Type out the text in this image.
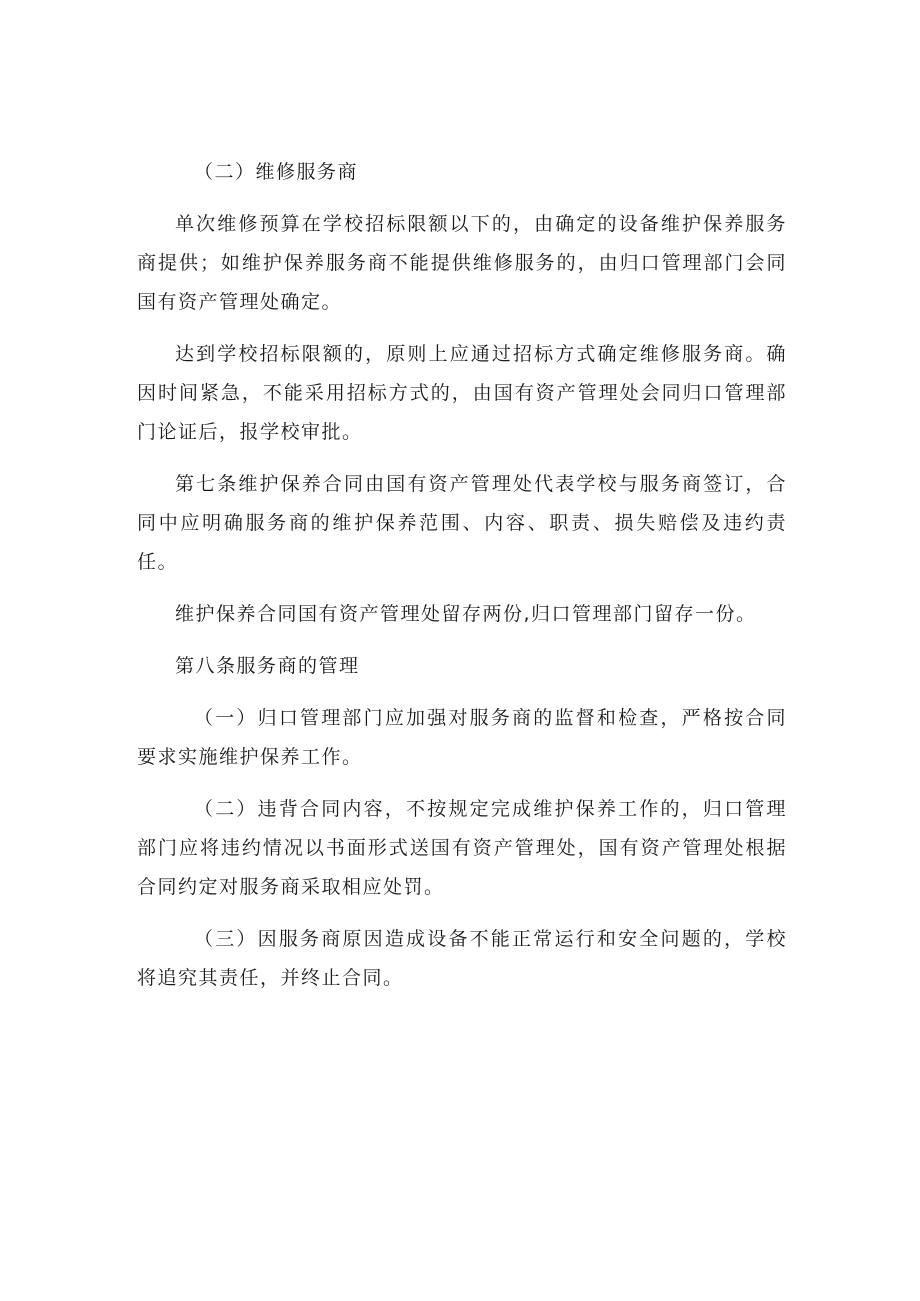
（二）维修服务商

单次维修预算在学校招标限额以下的，由确定的设备维护保养服务商提供；如维护保养服务商不能提供维修服务的，由归口管理部门会同国有资产管理处确定。

达到学校招标限额的，原则上应通过招标方式确定维修服务商。确因时间紧急，不能采用招标方式的，由国有资产管理处会同归口管理部门论证后，报学校审批。

第七条维护保养合同由国有资产管理处代表学校与服务商签订，合同中应明确服务商的维护保养范围、内容、职责、损失赔偿及违约责任。

维护保养合同国有资产管理处留存两份,归口管理部门留存一份。

第八条服务商的管理

（一）归口管理部门应加强对服务商的监督和检查，严格按合同要求实施维护保养工作。

（二）违背合同内容，不按规定完成维护保养工作的，归口管理部门应将违约情况以书面形式送国有资产管理处，国有资产管理处根据合同约定对服务商采取相应处罚。

（三）因服务商原因造成设备不能正常运行和安全问题的，学校将追究其责任，并终止合同。
